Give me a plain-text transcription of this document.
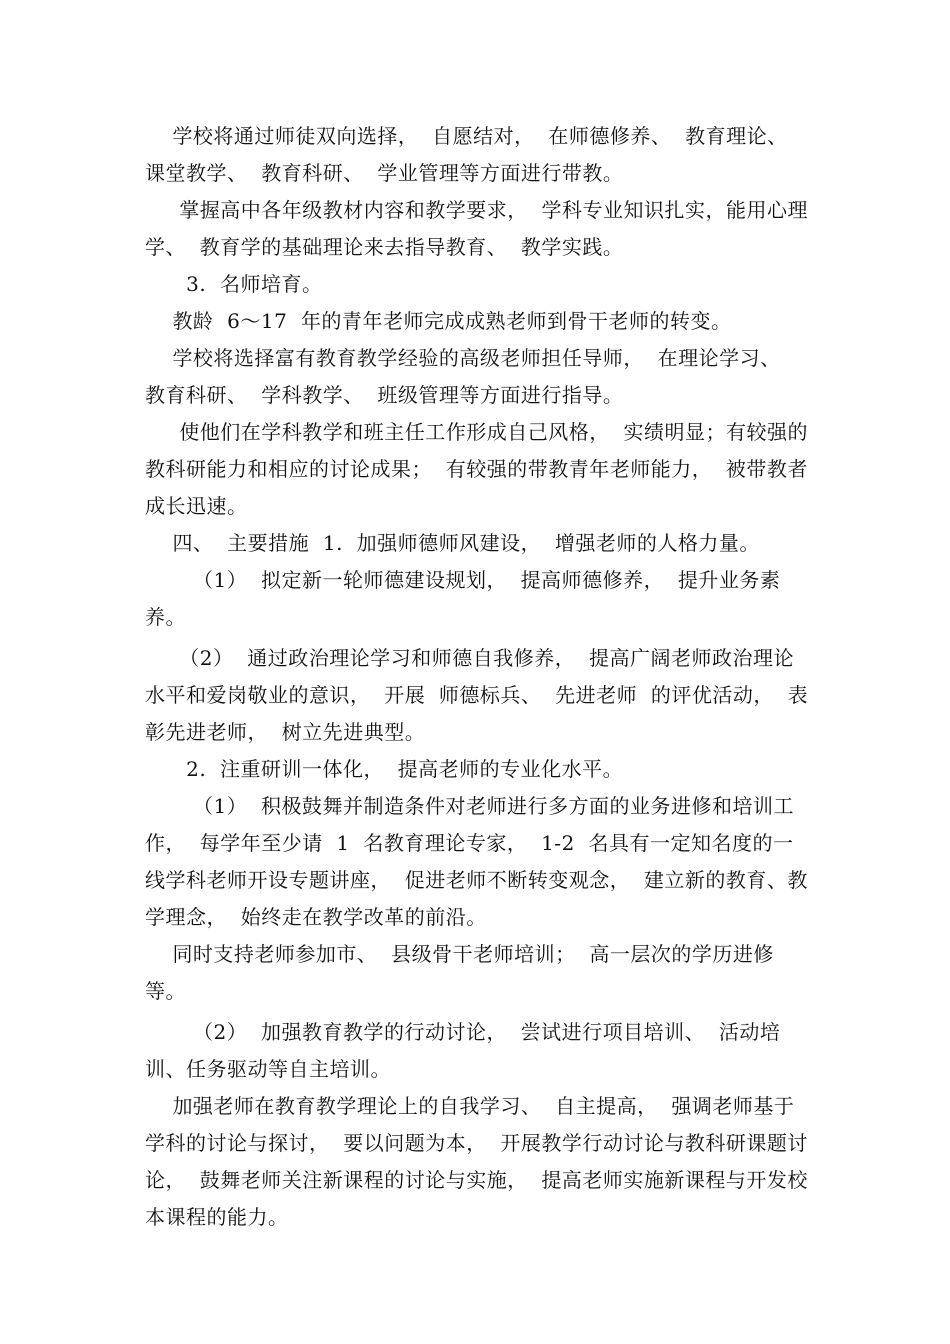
学校将通过师徒双向选择，  自愿结对，  在师德修养、  教育理论、  课堂教学、  教育科研、  学业管理等方面进行带教。

掌握高中各年级教材内容和教学要求，  学科专业知识扎实，能用心理学、  教育学的基础理论来去指导教育、  教学实践。

3.  名师培育。

教龄  6～17  年的青年老师完成成熟老师到骨干老师的转变。

学校将选择富有教育教学经验的高级老师担任导师，  在理论学习、  教育科研、  学科教学、  班级管理等方面进行指导。

使他们在学科教学和班主任工作形成自己风格，  实绩明显；有较强的教科研能力和相应的讨论成果；  有较强的带教青年老师能力，  被带教者成长迅速。

四、  主要措施  1.  加强师德师风建设，  增强老师的人格力量。

（1）  拟定新一轮师德建设规划，  提高师德修养，  提升业务素养。

（2）  通过政治理论学习和师德自我修养，  提高广阔老师政治理论水平和爱岗敬业的意识，  开展  师德标兵、  先进老师  的评优活动，  表彰先进老师，  树立先进典型。

2.  注重研训一体化，  提高老师的专业化水平。

（1）  积极鼓舞并制造条件对老师进行多方面的业务进修和培训工作，  每学年至少请  1  名教育理论专家，  1-2  名具有一定知名度的一线学科老师开设专题讲座，  促进老师不断转变观念，  建立新的教育、教学理念，  始终走在教学改革的前沿。

同时支持老师参加市、  县级骨干老师培训；  高一层次的学历进修等。

（2）  加强教育教学的行动讨论，  尝试进行项目培训、  活动培训、任务驱动等自主培训。

加强老师在教育教学理论上的自我学习、  自主提高，  强调老师基于学科的讨论与探讨，  要以问题为本，  开展教学行动讨论与教科研课题讨论，  鼓舞老师关注新课程的讨论与实施，  提高老师实施新课程与开发校本课程的能力。
